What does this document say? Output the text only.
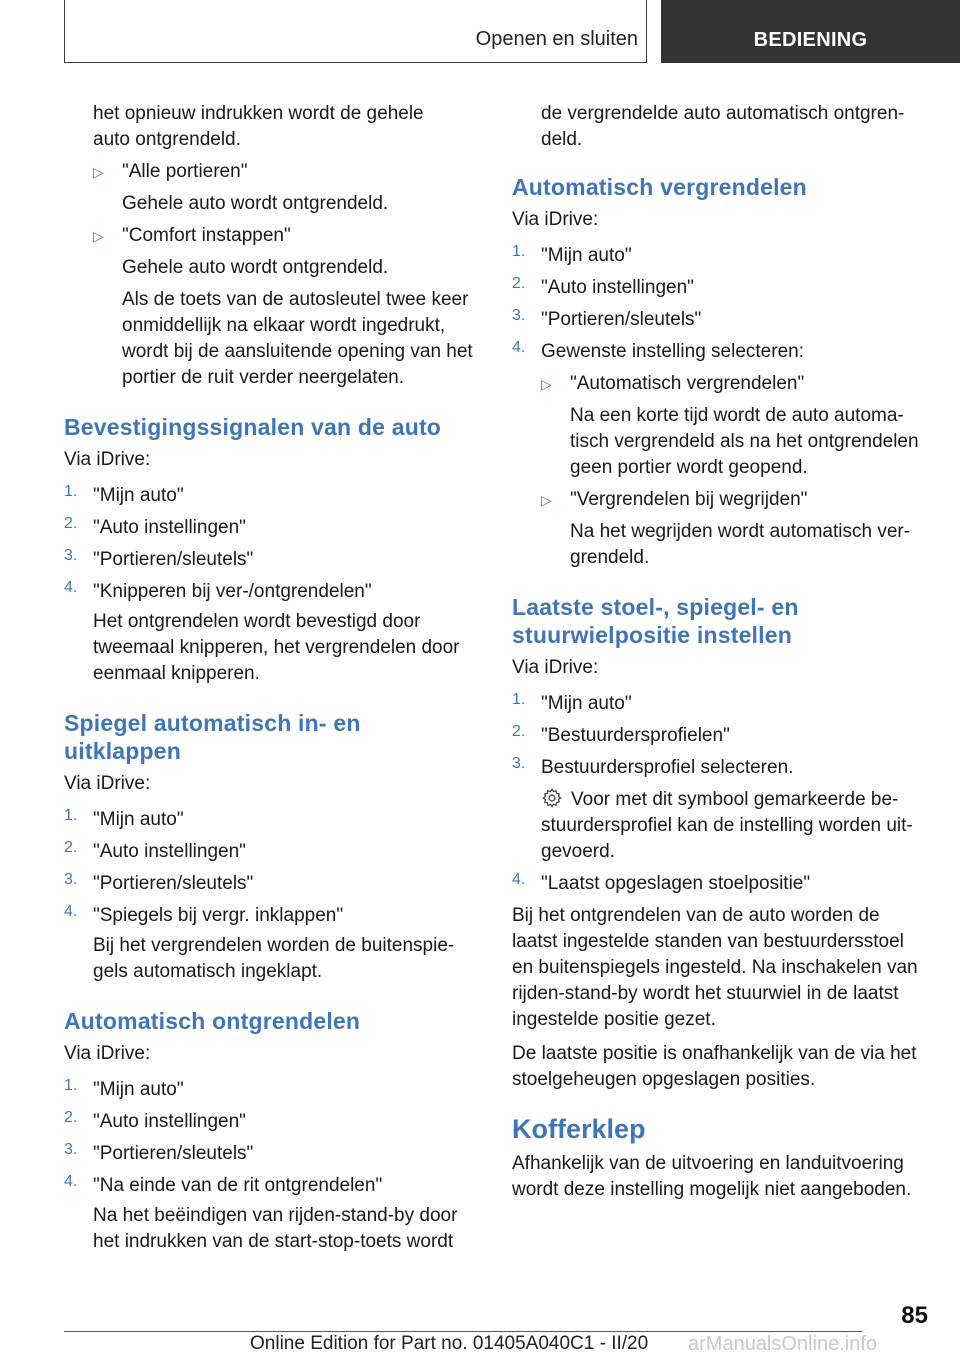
Openen en sluiten	BEDIENING

het opnieuw indrukken wordt de gehele

auto ontgrendeld.

▷ "Alle portieren"

Gehele auto wordt ontgrendeld.

▷ "Comfort instappen"

Gehele auto wordt ontgrendeld.

Als de toets van de autosleutel twee keer

onmiddellijk na elkaar wordt ingedrukt,

wordt bij de aansluitende opening van het

portier de ruit verder neergelaten.

Bevestigingssignalen van de auto

Via iDrive:

1. "Mijn auto"

2. "Auto instellingen"

3. "Portieren/sleutels"

4. "Knipperen bij ver-/ontgrendelen"

Het ontgrendelen wordt bevestigd door

tweemaal knipperen, het vergrendelen door

eenmaal knipperen.

Spiegel automatisch in- en
uitklappen

Via iDrive:

1. "Mijn auto"

2. "Auto instellingen"

3. "Portieren/sleutels"

4. "Spiegels bij vergr. inklappen"

Bij het vergrendelen worden de buitenspie-

gels automatisch ingeklapt.

Automatisch ontgrendelen

Via iDrive:

1. "Mijn auto"

2. "Auto instellingen"

3. "Portieren/sleutels"

4. "Na einde van de rit ontgrendelen"

Na het beëindigen van rijden-stand-by door

het indrukken van de start-stop-toets wordt

de vergrendelde auto automatisch ontgren-

deld.

Automatisch vergrendelen

Via iDrive:

1. "Mijn auto"

2. "Auto instellingen"

3. "Portieren/sleutels"

4. Gewenste instelling selecteren:

▷ "Automatisch vergrendelen"

Na een korte tijd wordt de auto automa-

tisch vergrendeld als na het ontgrendelen

geen portier wordt geopend.

▷ "Vergrendelen bij wegrijden"

Na het wegrijden wordt automatisch ver-

grendeld.

Laatste stoel-, spiegel- en
stuurwielpositie instellen

Via iDrive:

1. "Mijn auto"

2. "Bestuurdersprofielen"

3. Bestuurdersprofiel selecteren.

Voor met dit symbool gemarkeerde be-

stuurdersprofiel kan de instelling worden uit-

gevoerd.

4. "Laatst opgeslagen stoelpositie"

Bij het ontgrendelen van de auto worden de

laatst ingestelde standen van bestuurdersstoel

en buitenspiegels ingesteld. Na inschakelen van

rijden-stand-by wordt het stuurwiel in de laatst

ingestelde positie gezet.

De laatste positie is onafhankelijk van de via het

stoelgeheugen opgeslagen posities.

Kofferklep

Afhankelijk van de uitvoering en landuitvoering

wordt deze instelling mogelijk niet aangeboden.

85
Online Edition for Part no. 01405A040C1 - II/20 arManualsOnline.info
